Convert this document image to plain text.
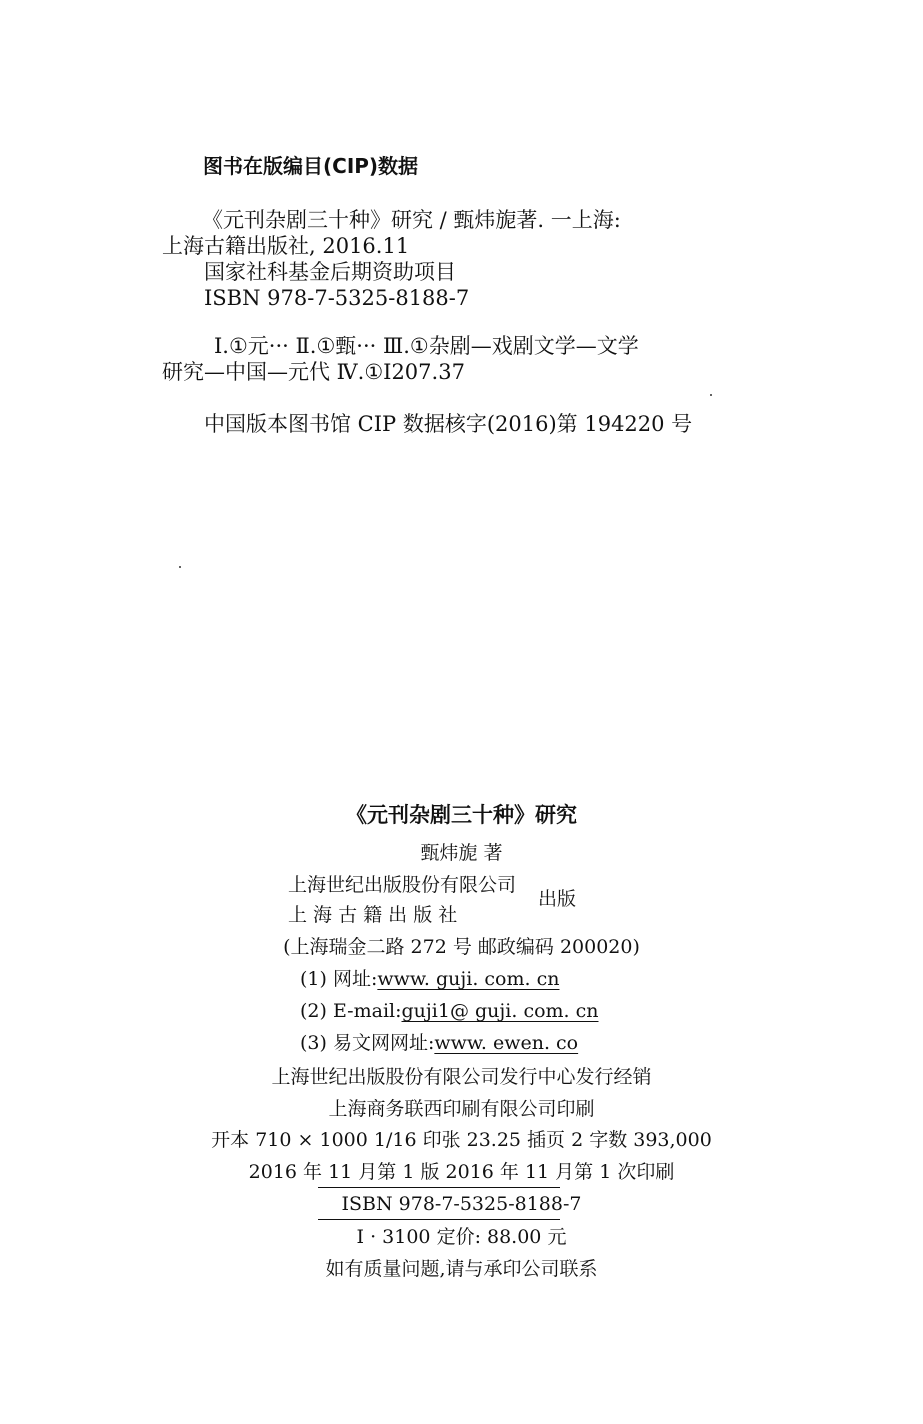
图书在版编目(CIP)数据
《元刊杂剧三十种》研究 / 甄炜旎著. 一上海:
上海古籍出版社, 2016.11
国家社科基金后期资助项目
ISBN 978-7-5325-8188-7
Ⅰ.①元··· Ⅱ.①甄··· Ⅲ.①杂剧—戏剧文学—文学
研究—中国—元代 Ⅳ.①I207.37
中国版本图书馆 CIP 数据核字(2016)第 194220 号
《元刊杂剧三十种》研究
甄炜旎 著
上海世纪出版股份有限公司
上 海 古 籍 出 版 社
出版
(上海瑞金二路 272 号 邮政编码 200020)
(1) 网址:www. guji. com. cn
(2) E-mail:guji1@ guji. com. cn
(3) 易文网网址:www. ewen. co
上海世纪出版股份有限公司发行中心发行经销
上海商务联西印刷有限公司印刷
开本 710 × 1000 1/16 印张 23.25 插页 2 字数 393,000
2016 年 11 月第 1 版 2016 年 11 月第 1 次印刷
ISBN 978-7-5325-8188-7
I · 3100 定价: 88.00 元
如有质量问题,请与承印公司联系
